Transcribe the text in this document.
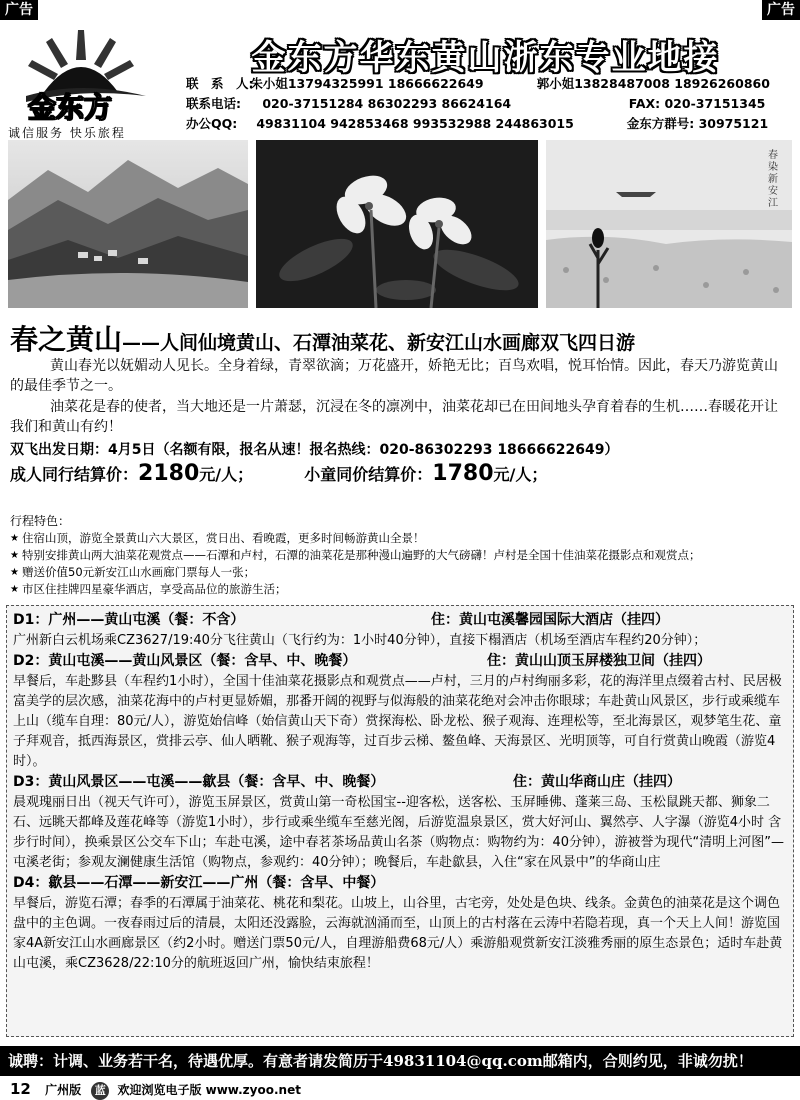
广告	广告
金东方
诚信服务 快乐旅程
金东方华东黄山浙东专业地接
联　系　人: 朱小姐13794325991 18666622649	郭小姐13828487008 18926260860
联系电话: 020-37151284 86302293 86624164	FAX: 020-37151345
办公QQ: 49831104 942853468 993532988 244863015	金东方群号: 30975121
春染新安江
春之黄山——人间仙境黄山、石潭油菜花、新安江山水画廊双飞四日游
黄山春光以妩媚动人见长。全身着绿，青翠欲滴；万花盛开，娇艳无比；百鸟欢唱，悦耳怡情。因此，春天乃游览黄山的最佳季节之一。
油菜花是春的使者，当大地还是一片萧瑟，沉浸在冬的凛冽中，油菜花却已在田间地头孕育着春的生机……春暖花开让我们和黄山有约！
双飞出发日期：4月5日（名额有限，报名从速！报名热线：020-86302293 18666622649）
成人同行结算价：2180元/人；	小童同价结算价：1780元/人；
行程特色：
★ 住宿山顶，游览全景黄山六大景区，赏日出、看晚霞，更多时间畅游黄山全景！
★ 特别安排黄山两大油菜花观赏点——石潭和卢村，石潭的油菜花是那种漫山遍野的大气磅礴！卢村是全国十佳油菜花摄影点和观赏点；
★ 赠送价值50元新安江山水画廊门票每人一张；
★ 市区住挂牌四星豪华酒店，享受高品位的旅游生活；
D1：广州——黄山屯溪（餐：不含）	住：黄山屯溪馨园国际大酒店（挂四）
广州新白云机场乘CZ3627/19:40分飞往黄山（飞行约为：1小时40分钟），直接下榻酒店（机场至酒店车程约20分钟）；
D2：黄山屯溪——黄山风景区（餐：含早、中、晚餐）	住：黄山山顶玉屏楼独卫间（挂四）
早餐后，车赴黟县（车程约1小时），全国十佳油菜花摄影点和观赏点——卢村，三月的卢村绚丽多彩，花的海洋里点缀着古村、民居极富美学的层次感，油菜花海中的卢村更显娇媚，那番开阔的视野与似海般的油菜花绝对会冲击你眼球；车赴黄山风景区，步行或乘缆车上山（缆车自理：80元/人），游览始信峰（始信黄山天下奇）赏探海松、卧龙松、猴子观海、连理松等，至北海景区，观梦笔生花、童子拜观音，抵西海景区，赏排云亭、仙人晒靴、猴子观海等，过百步云梯、鳌鱼峰、天海景区、光明顶等，可自行赏黄山晚霞（游览4时）。
D3：黄山风景区——屯溪——歙县（餐：含早、中、晚餐）	住：黄山华商山庄（挂四）
晨观瑰丽日出（视天气许可），游览玉屏景区，赏黄山第一奇松国宝--迎客松，送客松、玉屏睡佛、蓬莱三岛、玉松鼠跳天都、狮象二石、远眺天都峰及莲花峰等（游览1小时），步行或乘坐缆车至慈光阁，后游览温泉景区，赏大好河山、翼然亭、人字瀑（游览4小时 含步行时间），换乘景区公交车下山；车赴屯溪，途中春茗茶场品黄山名茶（购物点：购物约为：40分钟），游被誉为现代“清明上河图”—屯溪老街；参观友澜健康生活馆（购物点，参观约：40分钟）；晚餐后，车赴歙县，入住“家在风景中”的华商山庄
D4：歙县——石潭——新安江——广州（餐：含早、中餐）
早餐后，游览石潭；春季的石潭属于油菜花、桃花和梨花。山坡上，山谷里，古宅旁，处处是色块、线条。金黄色的油菜花是这个调色盘中的主色调。一夜春雨过后的清晨，太阳还没露脸，云海就汹涌而至，山顶上的古村落在云涛中若隐若现，真一个天上人间！游览国家4A新安江山水画廊景区（约2小时。赠送门票50元/人，自理游船费68元/人）乘游船观赏新安江淡雅秀丽的原生态景色；适时车赴黄山屯溪，乘CZ3628/22:10分的航班返回广州，愉快结束旅程！
诚聘：计调、业务若干名，待遇优厚。有意者请发简历于49831104@qq.com邮箱内，合则约见，非诚勿扰！
12 广州版 蓝 欢迎浏览电子版 www.zyoo.net
